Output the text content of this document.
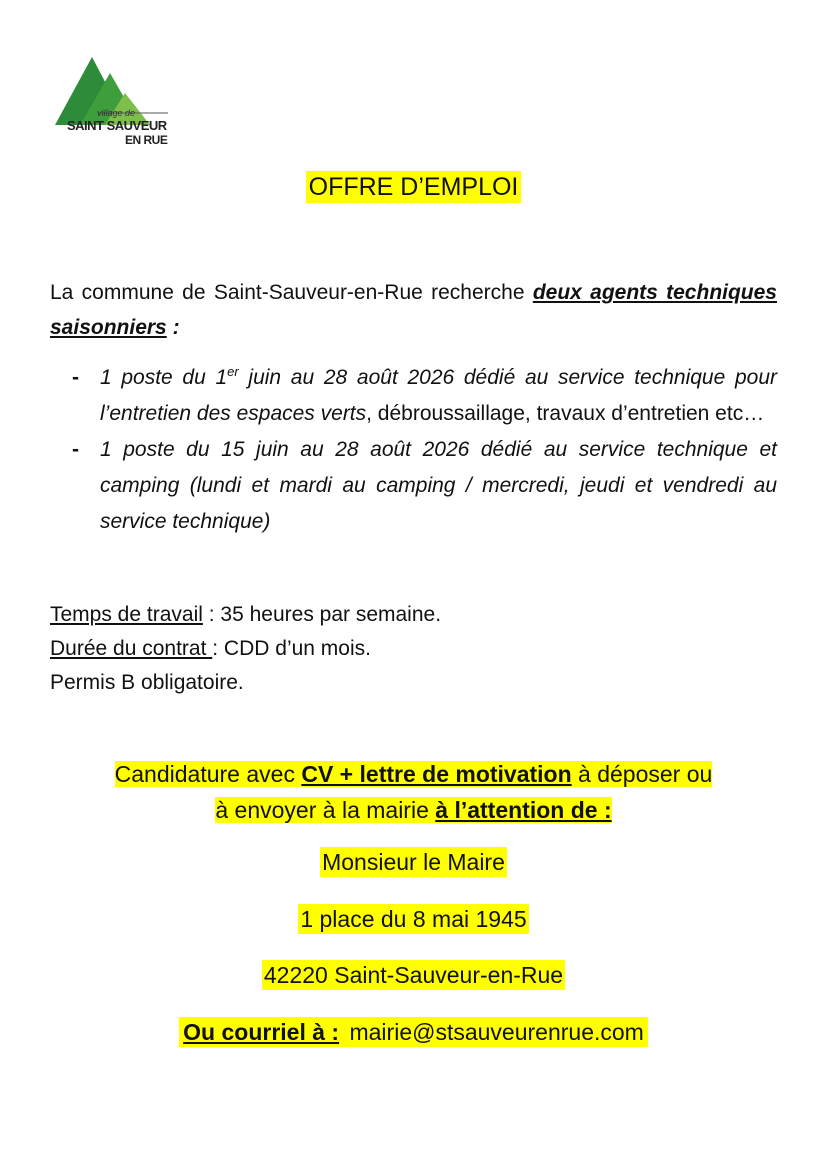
village de
SAINT SAUVEUR
EN RUE
OFFRE D’EMPLOI
La commune de Saint-Sauveur-en-Rue recherche deux agents techniques saisonniers :
- 1 poste du 1er juin au 28 août 2026 dédié au service technique pour l’entretien des espaces verts, débroussaillage, travaux d’entretien etc…
- 1 poste du 15 juin au 28 août 2026 dédié au service technique et camping (lundi et mardi au camping / mercredi, jeudi et vendredi au service technique)
Temps de travail : 35 heures par semaine.
Durée du contrat : CDD d’un mois.
Permis B obligatoire.
Candidature avec CV + lettre de motivation à déposer ou
à envoyer à la mairie à l’attention de :
Monsieur le Maire
1 place du 8 mai 1945
42220 Saint-Sauveur-en-Rue
Ou courriel à : mairie@stsauveurenrue.com
